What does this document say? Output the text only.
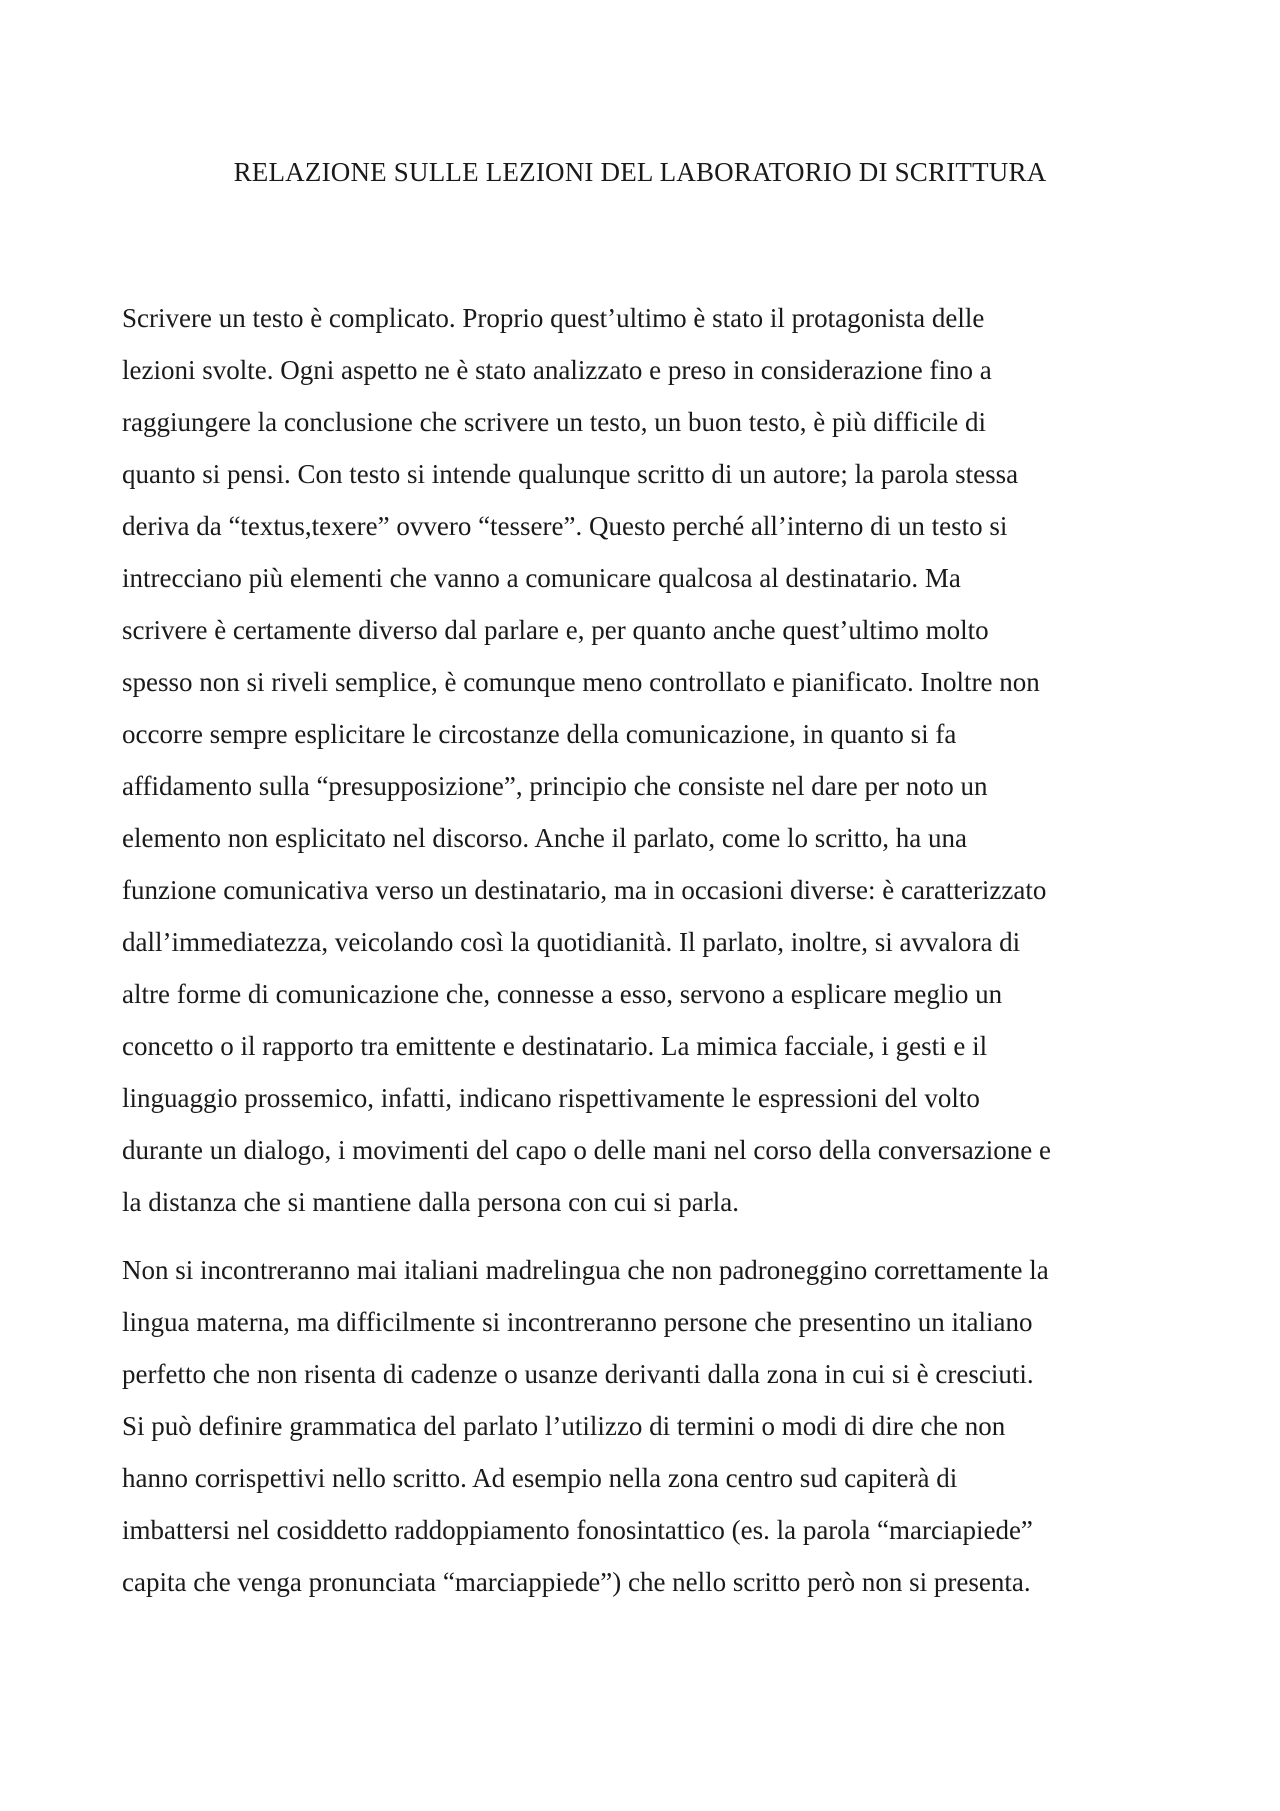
RELAZIONE SULLE LEZIONI DEL LABORATORIO DI SCRITTURA
Scrivere un testo è complicato. Proprio quest’ultimo è stato il protagonista delle
lezioni svolte. Ogni aspetto ne è stato analizzato e preso in considerazione fino a
raggiungere la conclusione che scrivere un testo, un buon testo, è più difficile di
quanto si pensi. Con testo si intende qualunque scritto di un autore; la parola stessa
deriva da “textus,texere” ovvero “tessere”. Questo perché all’interno di un testo si
intrecciano più elementi che vanno a comunicare qualcosa al destinatario. Ma
scrivere è certamente diverso dal parlare e, per quanto anche quest’ultimo molto
spesso non si riveli semplice, è comunque meno controllato e pianificato. Inoltre non
occorre sempre esplicitare le circostanze della comunicazione, in quanto si fa
affidamento sulla “presupposizione”, principio che consiste nel dare per noto un
elemento non esplicitato nel discorso. Anche il parlato, come lo scritto, ha una
funzione comunicativa verso un destinatario, ma in occasioni diverse: è caratterizzato
dall’immediatezza, veicolando così la quotidianità. Il parlato, inoltre, si avvalora di
altre forme di comunicazione che, connesse a esso, servono a esplicare meglio un
concetto o il rapporto tra emittente e destinatario. La mimica facciale, i gesti e il
linguaggio prossemico, infatti, indicano rispettivamente le espressioni del volto
durante un dialogo, i movimenti del capo o delle mani nel corso della conversazione e
la distanza che si mantiene dalla persona con cui si parla.
Non si incontreranno mai italiani madrelingua che non padroneggino correttamente la
lingua materna, ma difficilmente si incontreranno persone che presentino un italiano
perfetto che non risenta di cadenze o usanze derivanti dalla zona in cui si è cresciuti.
Si può definire grammatica del parlato l’utilizzo di termini o modi di dire che non
hanno corrispettivi nello scritto. Ad esempio nella zona centro sud capiterà di
imbattersi nel cosiddetto raddoppiamento fonosintattico (es. la parola “marciapiede”
capita che venga pronunciata “marciappiede”) che nello scritto però non si presenta.
